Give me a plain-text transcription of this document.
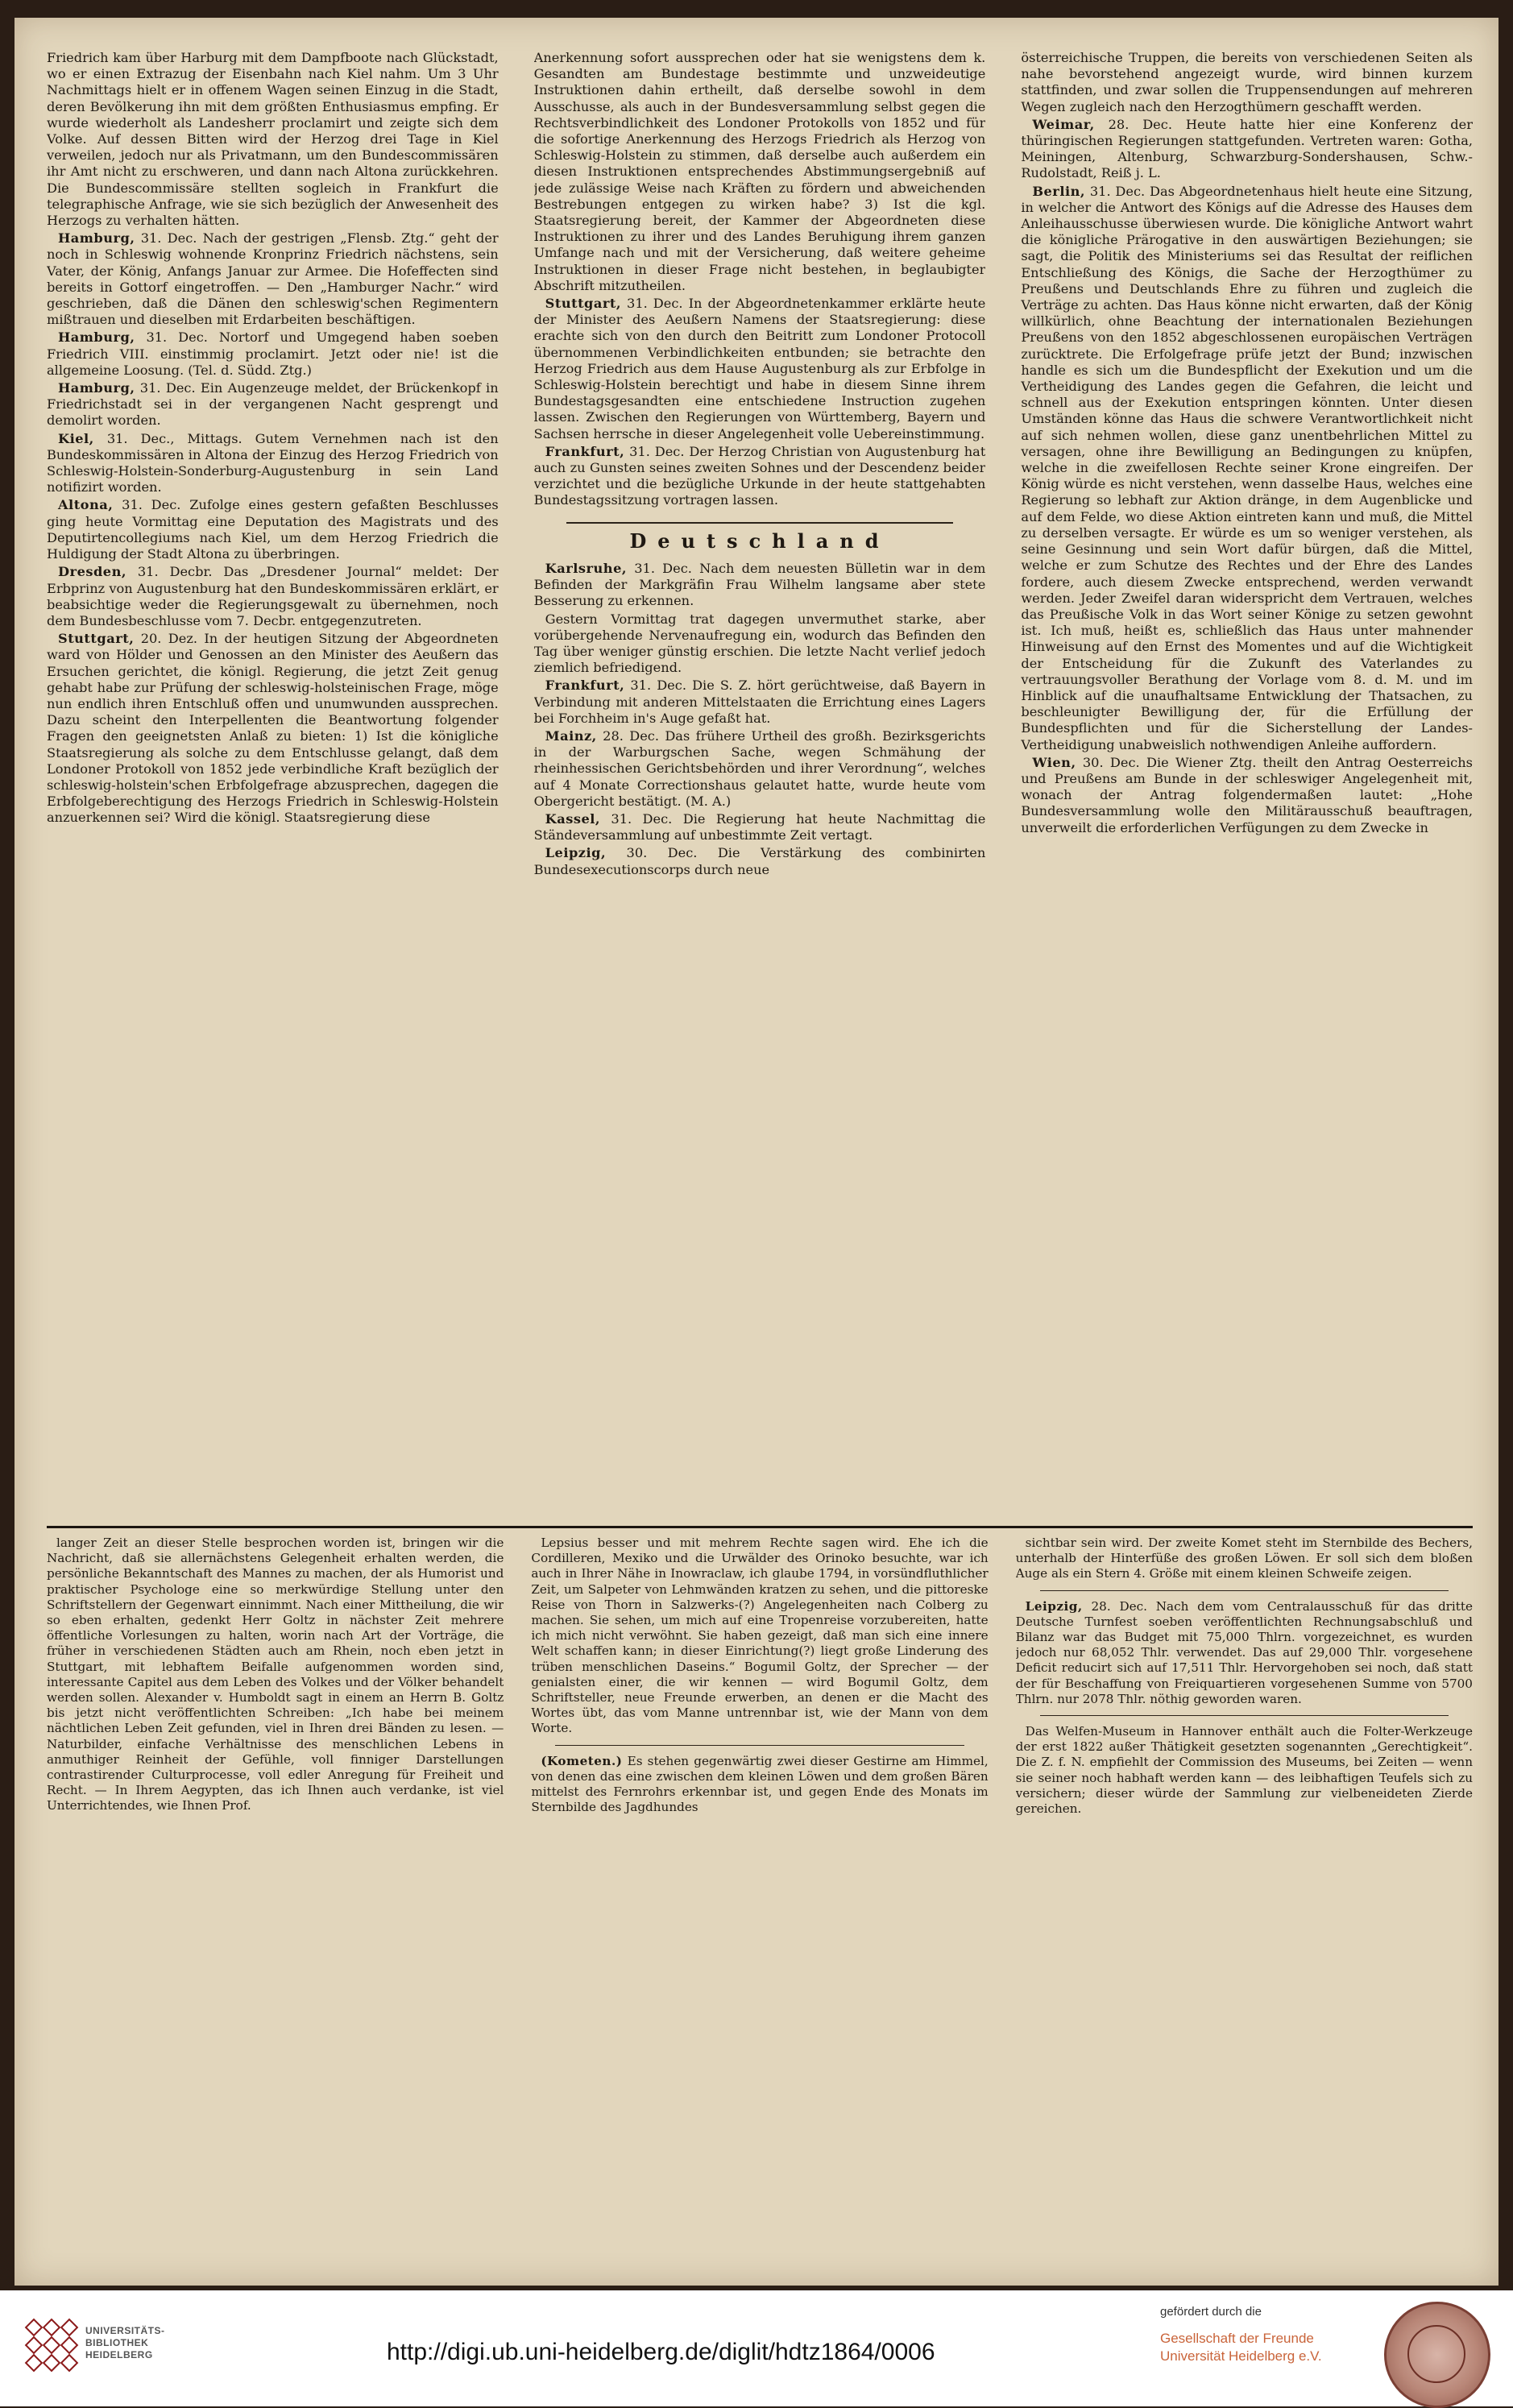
Friedrich kam über Harburg mit dem Dampfboote nach Glückstadt, wo er einen Extrazug der Eisenbahn nach Kiel nahm. Um 3 Uhr Nachmittags hielt er in offenem Wagen seinen Einzug in die Stadt, deren Bevölkerung ihn mit dem größten Enthusiasmus empfing. Er wurde wiederholt als Landesherr proclamirt und zeigte sich dem Volke. Auf dessen Bitten wird der Herzog drei Tage in Kiel verweilen, jedoch nur als Privatmann, um den Bundescommissären ihr Amt nicht zu erschweren, und dann nach Altona zurückkehren. Die Bundescommissäre stellten sogleich in Frankfurt die telegraphische Anfrage, wie sie sich bezüglich der Anwesenheit des Herzogs zu verhalten hätten.

Hamburg, 31. Dec. Nach der gestrigen „Flensb. Ztg.“ geht der noch in Schleswig wohnende Kronprinz Friedrich nächstens, sein Vater, der König, Anfangs Januar zur Armee. Die Hofeffecten sind bereits in Gottorf eingetroffen. — Den „Hamburger Nachr.“ wird geschrieben, daß die Dänen den schleswig'schen Regimentern mißtrauen und dieselben mit Erdarbeiten beschäftigen.

Hamburg, 31. Dec. Nortorf und Umgegend haben soeben Friedrich VIII. einstimmig proclamirt. Jetzt oder nie! ist die allgemeine Loosung. (Tel. d. Südd. Ztg.)

Hamburg, 31. Dec. Ein Augenzeuge meldet, der Brückenkopf in Friedrichstadt sei in der vergangenen Nacht gesprengt und demolirt worden.

Kiel, 31. Dec., Mittags. Gutem Vernehmen nach ist den Bundeskommissären in Altona der Einzug des Herzog Friedrich von Schleswig-Holstein-Sonderburg-Augustenburg in sein Land notifizirt worden.

Altona, 31. Dec. Zufolge eines gestern gefaßten Beschlusses ging heute Vormittag eine Deputation des Magistrats und des Deputirtencollegiums nach Kiel, um dem Herzog Friedrich die Huldigung der Stadt Altona zu überbringen.

Dresden, 31. Decbr. Das „Dresdener Journal“ meldet: Der Erbprinz von Augustenburg hat den Bundeskommissären erklärt, er beabsichtige weder die Regierungsgewalt zu übernehmen, noch dem Bundesbeschlusse vom 7. Decbr. entgegenzutreten.

Stuttgart, 20. Dez. In der heutigen Sitzung der Abgeordneten ward von Hölder und Genossen an den Minister des Aeußern das Ersuchen gerichtet, die königl. Regierung, die jetzt Zeit genug gehabt habe zur Prüfung der schleswig-holsteinischen Frage, möge nun endlich ihren Entschluß offen und unumwunden aussprechen. Dazu scheint den Interpellenten die Beantwortung folgender Fragen den geeignetsten Anlaß zu bieten: 1) Ist die königliche Staatsregierung als solche zu dem Entschlusse gelangt, daß dem Londoner Protokoll von 1852 jede verbindliche Kraft bezüglich der schleswig-holstein'schen Erbfolgefrage abzusprechen, dagegen die Erbfolgeberechtigung des Herzogs Friedrich in Schleswig-Holstein anzuerkennen sei? Wird die königl. Staatsregierung diese

Anerkennung sofort aussprechen oder hat sie wenigstens dem k. Gesandten am Bundestage bestimmte und unzweideutige Instruktionen dahin ertheilt, daß derselbe sowohl in dem Ausschusse, als auch in der Bundesversammlung selbst gegen die Rechtsverbindlichkeit des Londoner Protokolls von 1852 und für die sofortige Anerkennung des Herzogs Friedrich als Herzog von Schleswig-Holstein zu stimmen, daß derselbe auch außerdem ein diesen Instruktionen entsprechendes Abstimmungsergebniß auf jede zulässige Weise nach Kräften zu fördern und abweichenden Bestrebungen entgegen zu wirken habe? 3) Ist die kgl. Staatsregierung bereit, der Kammer der Abgeordneten diese Instruktionen zu ihrer und des Landes Beruhigung ihrem ganzen Umfange nach und mit der Versicherung, daß weitere geheime Instruktionen in dieser Frage nicht bestehen, in beglaubigter Abschrift mitzutheilen.

Stuttgart, 31. Dec. In der Abgeordnetenkammer erklärte heute der Minister des Aeußern Namens der Staatsregierung: diese erachte sich von den durch den Beitritt zum Londoner Protocoll übernommenen Verbindlichkeiten entbunden; sie betrachte den Herzog Friedrich aus dem Hause Augustenburg als zur Erbfolge in Schleswig-Holstein berechtigt und habe in diesem Sinne ihrem Bundestagsgesandten eine entschiedene Instruction zugehen lassen. Zwischen den Regierungen von Württemberg, Bayern und Sachsen herrsche in dieser Angelegenheit volle Uebereinstimmung.

Frankfurt, 31. Dec. Der Herzog Christian von Augustenburg hat auch zu Gunsten seines zweiten Sohnes und der Descendenz beider verzichtet und die bezügliche Urkunde in der heute stattgehabten Bundestagssitzung vortragen lassen.

Deutschland

Karlsruhe, 31. Dec. Nach dem neuesten Bülletin war in dem Befinden der Markgräfin Frau Wilhelm langsame aber stete Besserung zu erkennen.

Gestern Vormittag trat dagegen unvermuthet starke, aber vorübergehende Nervenaufregung ein, wodurch das Befinden den Tag über weniger günstig erschien. Die letzte Nacht verlief jedoch ziemlich befriedigend.

Frankfurt, 31. Dec. Die S. Z. hört gerüchtweise, daß Bayern in Verbindung mit anderen Mittelstaaten die Errichtung eines Lagers bei Forchheim in's Auge gefaßt hat.

Mainz, 28. Dec. Das frühere Urtheil des großh. Bezirksgerichts in der Warburgschen Sache, wegen Schmähung der rheinhessischen Gerichtsbehörden und ihrer Verordnung“, welches auf 4 Monate Correctionshaus gelautet hatte, wurde heute vom Obergericht bestätigt. (M. A.)

Kassel, 31. Dec. Die Regierung hat heute Nachmittag die Ständeversammlung auf unbestimmte Zeit vertagt.

Leipzig, 30. Dec. Die Verstärkung des combinirten Bundesexecutionscorps durch neue

österreichische Truppen, die bereits von verschiedenen Seiten als nahe bevorstehend angezeigt wurde, wird binnen kurzem stattfinden, und zwar sollen die Truppensendungen auf mehreren Wegen zugleich nach den Herzogthümern geschafft werden.

Weimar, 28. Dec. Heute hatte hier eine Konferenz der thüringischen Regierungen stattgefunden. Vertreten waren: Gotha, Meiningen, Altenburg, Schwarzburg-Sondershausen, Schw.-Rudolstadt, Reiß j. L.

Berlin, 31. Dec. Das Abgeordnetenhaus hielt heute eine Sitzung, in welcher die Antwort des Königs auf die Adresse des Hauses dem Anleihausschusse überwiesen wurde. Die königliche Antwort wahrt die königliche Prärogative in den auswärtigen Beziehungen; sie sagt, die Politik des Ministeriums sei das Resultat der reiflichen Entschließung des Königs, die Sache der Herzogthümer zu Preußens und Deutschlands Ehre zu führen und zugleich die Verträge zu achten. Das Haus könne nicht erwarten, daß der König willkürlich, ohne Beachtung der internationalen Beziehungen Preußens von den 1852 abgeschlossenen europäischen Verträgen zurücktrete. Die Erfolgefrage prüfe jetzt der Bund; inzwischen handle es sich um die Bundespflicht der Exekution und um die Vertheidigung des Landes gegen die Gefahren, die leicht und schnell aus der Exekution entspringen könnten. Unter diesen Umständen könne das Haus die schwere Verantwortlichkeit nicht auf sich nehmen wollen, diese ganz unentbehrlichen Mittel zu versagen, ohne ihre Bewilligung an Bedingungen zu knüpfen, welche in die zweifellosen Rechte seiner Krone eingreifen. Der König würde es nicht verstehen, wenn dasselbe Haus, welches eine Regierung so lebhaft zur Aktion dränge, in dem Augenblicke und auf dem Felde, wo diese Aktion eintreten kann und muß, die Mittel zu derselben versagte. Er würde es um so weniger verstehen, als seine Gesinnung und sein Wort dafür bürgen, daß die Mittel, welche er zum Schutze des Rechtes und der Ehre des Landes fordere, auch diesem Zwecke entsprechend, werden verwandt werden. Jeder Zweifel daran widerspricht dem Vertrauen, welches das Preußische Volk in das Wort seiner Könige zu setzen gewohnt ist. Ich muß, heißt es, schließlich das Haus unter mahnender Hinweisung auf den Ernst des Momentes und auf die Wichtigkeit der Entscheidung für die Zukunft des Vaterlandes zu vertrauungsvoller Berathung der Vorlage vom 8. d. M. und im Hinblick auf die unaufhaltsame Entwicklung der Thatsachen, zu beschleunigter Bewilligung der, für die Erfüllung der Bundespflichten und für die Sicherstellung der Landes-Vertheidigung unabweislich nothwendigen Anleihe auffordern.

Wien, 30. Dec. Die Wiener Ztg. theilt den Antrag Oesterreichs und Preußens am Bunde in der schleswiger Angelegenheit mit, wonach der Antrag folgendermaßen lautet: „Hohe Bundesversammlung wolle den Militärausschuß beauftragen, unverweilt die erforderlichen Verfügungen zu dem Zwecke in

langer Zeit an dieser Stelle besprochen worden ist, bringen wir die Nachricht, daß sie allernächstens Gelegenheit erhalten werden, die persönliche Bekanntschaft des Mannes zu machen, der als Humorist und praktischer Psychologe eine so merkwürdige Stellung unter den Schriftstellern der Gegenwart einnimmt. Nach einer Mittheilung, die wir so eben erhalten, gedenkt Herr Goltz in nächster Zeit mehrere öffentliche Vorlesungen zu halten, worin nach Art der Vorträge, die früher in verschiedenen Städten auch am Rhein, noch eben jetzt in Stuttgart, mit lebhaftem Beifalle aufgenommen worden sind, interessante Capitel aus dem Leben des Volkes und der Völker behandelt werden sollen. Alexander v. Humboldt sagt in einem an Herrn B. Goltz bis jetzt nicht veröffentlichten Schreiben: „Ich habe bei meinem nächtlichen Leben Zeit gefunden, viel in Ihren drei Bänden zu lesen. — Naturbilder, einfache Verhältnisse des menschlichen Lebens in anmuthiger Reinheit der Gefühle, voll finniger Darstellungen contrastirender Culturprocesse, voll edler Anregung für Freiheit und Recht. — In Ihrem Aegypten, das ich Ihnen auch verdanke, ist viel Unterrichtendes, wie Ihnen Prof.

Lepsius besser und mit mehrem Rechte sagen wird. Ehe ich die Cordilleren, Mexiko und die Urwälder des Orinoko besuchte, war ich auch in Ihrer Nähe in Inowraclaw, ich glaube 1794, in vorsündfluthlicher Zeit, um Salpeter von Lehmwänden kratzen zu sehen, und die pittoreske Reise von Thorn in Salzwerks-(?) Angelegenheiten nach Colberg zu machen. Sie sehen, um mich auf eine Tropenreise vorzubereiten, hatte ich mich nicht verwöhnt. Sie haben gezeigt, daß man sich eine innere Welt schaffen kann; in dieser Einrichtung(?) liegt große Linderung des trüben menschlichen Daseins.“ Bogumil Goltz, der Sprecher — der genialsten einer, die wir kennen — wird Bogumil Goltz, dem Schriftsteller, neue Freunde erwerben, an denen er die Macht des Wortes übt, das vom Manne untrennbar ist, wie der Mann von dem Worte.

(Kometen.) Es stehen gegenwärtig zwei dieser Gestirne am Himmel, von denen das eine zwischen dem kleinen Löwen und dem großen Bären mittelst des Fernrohrs erkennbar ist, und gegen Ende des Monats im Sternbilde des Jagdhundes

sichtbar sein wird. Der zweite Komet steht im Sternbilde des Bechers, unterhalb der Hinterfüße des großen Löwen. Er soll sich dem bloßen Auge als ein Stern 4. Größe mit einem kleinen Schweife zeigen.

Leipzig, 28. Dec. Nach dem vom Centralausschuß für das dritte Deutsche Turnfest soeben veröffentlichten Rechnungsabschluß und Bilanz war das Budget mit 75,000 Thlrn. vorgezeichnet, es wurden jedoch nur 68,052 Thlr. verwendet. Das auf 29,000 Thlr. vorgesehene Deficit reducirt sich auf 17,511 Thlr. Hervorgehoben sei noch, daß statt der für Beschaffung von Freiquartieren vorgesehenen Summe von 5700 Thlrn. nur 2078 Thlr. nöthig geworden waren.

Das Welfen-Museum in Hannover enthält auch die Folter-Werkzeuge der erst 1822 außer Thätigkeit gesetzten sogenannten „Gerechtigkeit“. Die Z. f. N. empfiehlt der Commission des Museums, bei Zeiten — wenn sie seiner noch habhaft werden kann — des leibhaftigen Teufels sich zu versichern; dieser würde der Sammlung zur vielbeneideten Zierde gereichen.

UNIVERSITÄTS-
BIBLIOTHEK
HEIDELBERG	http://digi.ub.uni-heidelberg.de/diglit/hdtz1864/0006
gefördert durch die
Gesellschaft der Freunde
Universität Heidelberg e.V.
